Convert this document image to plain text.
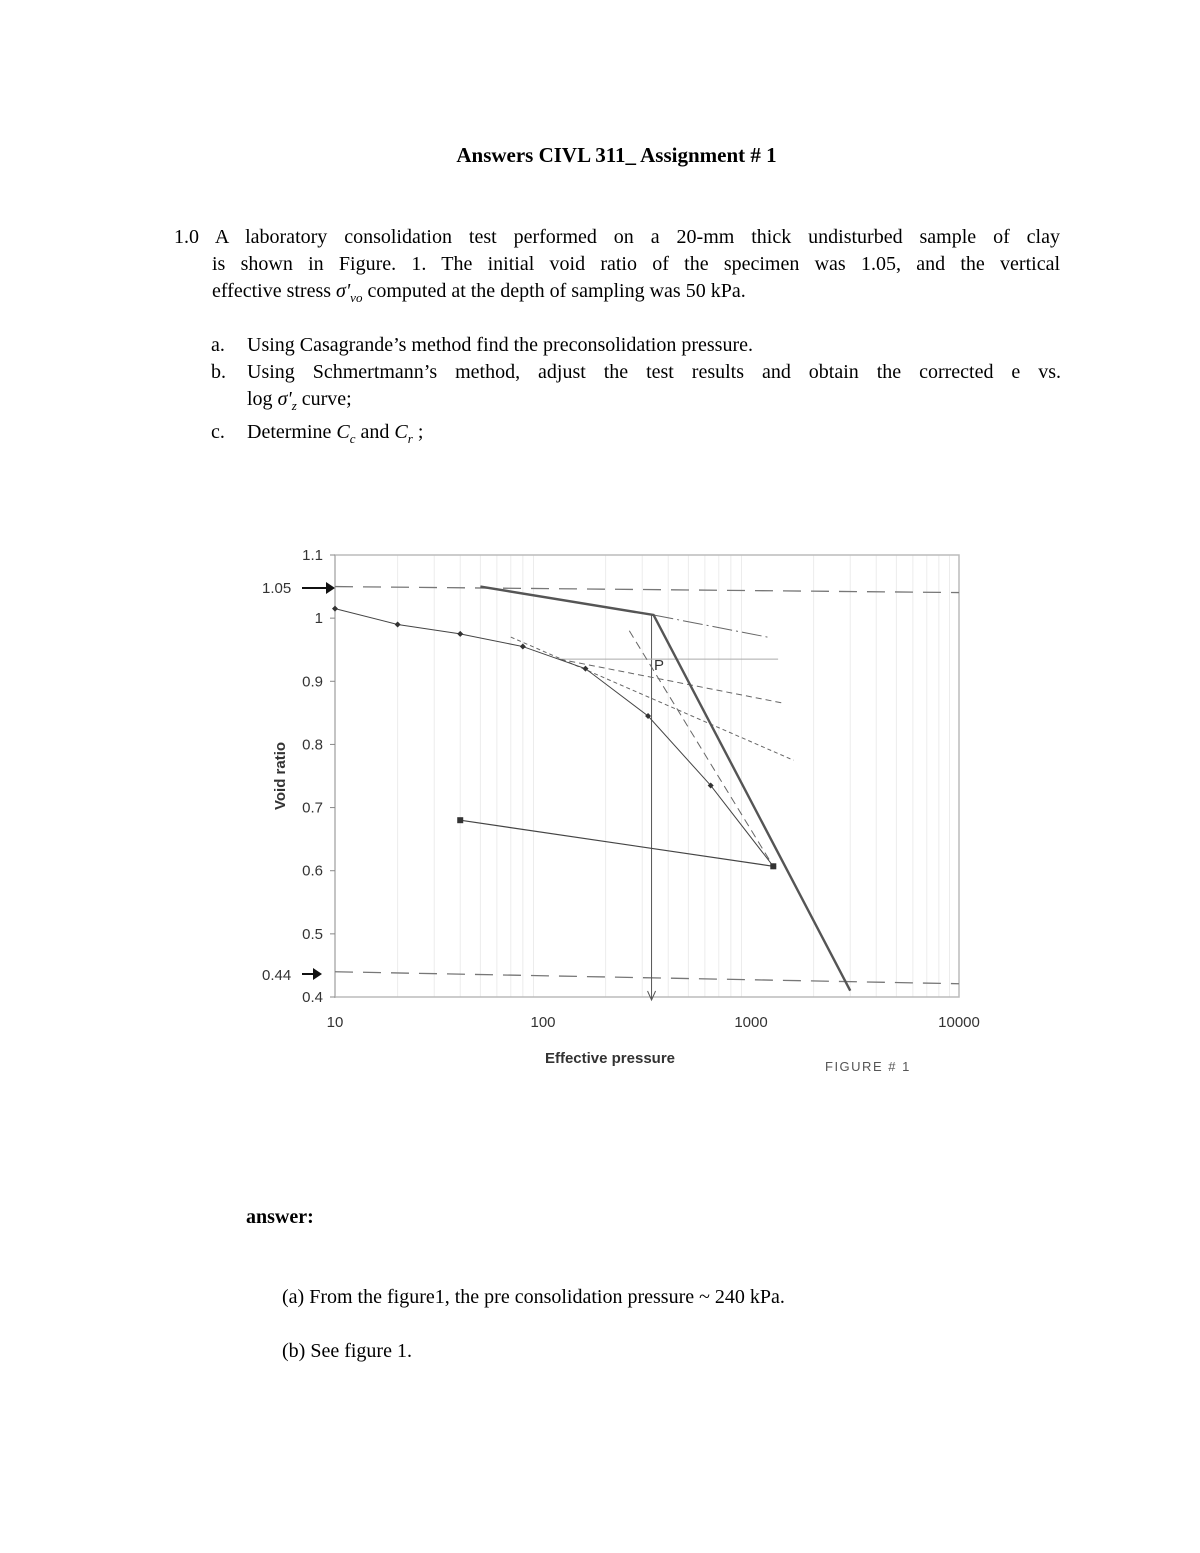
Answers CIVL 311_ Assignment # 1
1.0 A laboratory consolidation test performed on a 20-mm thick undisturbed sample of clay
is shown in Figure. 1. The initial void ratio of the specimen was 1.05, and the vertical
effective stress $\sigma'_{vo}$ computed at the depth of sampling was 50 kPa.
a. Using Casagrande’s method find the preconsolidation pressure.
b. Using Schmertmann’s method, adjust the test results and obtain the corrected e vs.
$\log \sigma'_z$ curve;
c. Determine $C_c$ and $C_r$ ;
0.4
0.5
0.6
0.7
0.8
0.9
1
1.1
10	100	1000	10000
Effective pressure
Void ratio
1.05
0.44
P
FIGURE # 1
answer:
(a) From the figure1, the pre consolidation pressure ~ 240 kPa.
(b) See figure 1.
